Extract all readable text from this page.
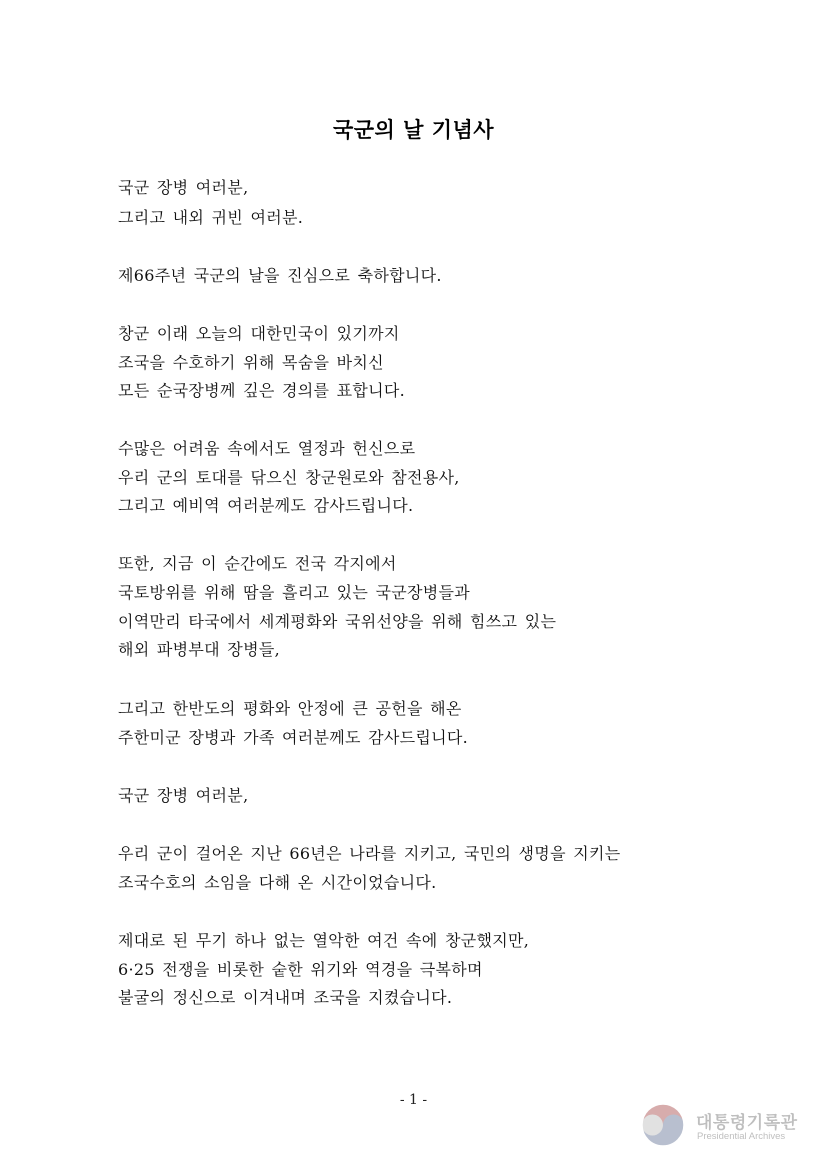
국군의 날 기념사
국군 장병 여러분,
그리고 내외 귀빈 여러분.
제66주년 국군의 날을 진심으로 축하합니다.
창군 이래 오늘의 대한민국이 있기까지
조국을 수호하기 위해 목숨을 바치신
모든 순국장병께 깊은 경의를 표합니다.
수많은 어려움 속에서도 열정과 헌신으로
우리 군의 토대를 닦으신 창군원로와 참전용사,
그리고 예비역 여러분께도 감사드립니다.
또한, 지금 이 순간에도 전국 각지에서
국토방위를 위해 땀을 흘리고 있는 국군장병들과
이역만리 타국에서 세계평화와 국위선양을 위해 힘쓰고 있는
해외 파병부대 장병들,
그리고 한반도의 평화와 안정에 큰 공헌을 해온
주한미군 장병과 가족 여러분께도 감사드립니다.
국군 장병 여러분,
우리 군이 걸어온 지난 66년은 나라를 지키고, 국민의 생명을 지키는
조국수호의 소임을 다해 온 시간이었습니다.
제대로 된 무기 하나 없는 열악한 여건 속에 창군했지만,
6·25 전쟁을 비롯한 숱한 위기와 역경을 극복하며
불굴의 정신으로 이겨내며 조국을 지켰습니다.
- 1 -
대통령기록관
Presidential Archives
